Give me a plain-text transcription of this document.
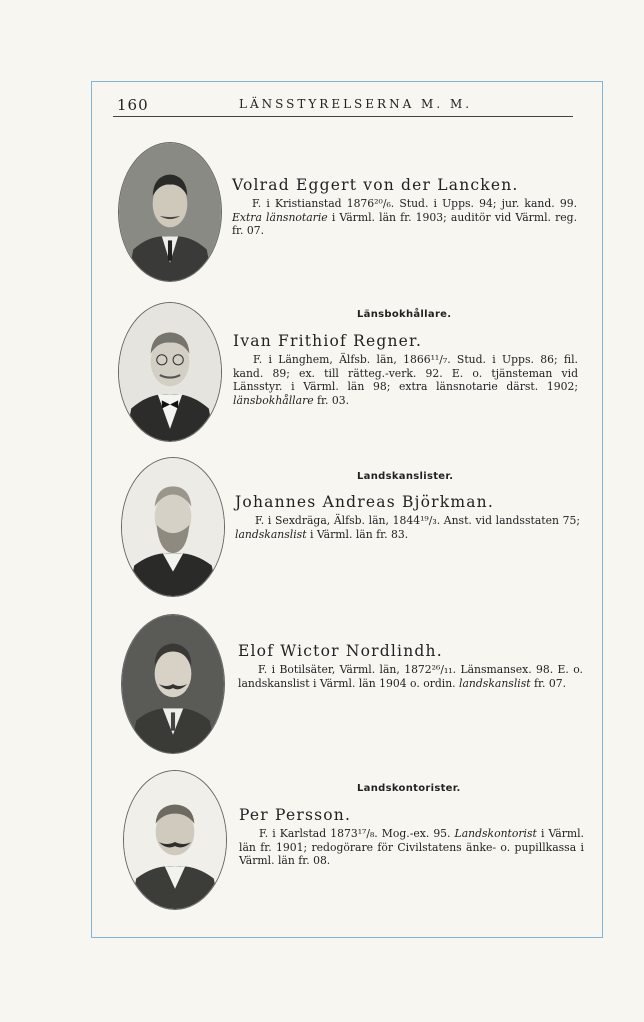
160	LÄNSSTYRELSERNA M. M.
Volrad Eggert von der Lancken.
F. i Kristianstad 1876²⁰/₆. Stud. i Upps. 94; jur. kand. 99. Extra länsnotarie i Värml. län fr. 1903; auditör vid Värml. reg. fr. 07.
Länsbokhållare.
Ivan Frithiof Regner.
F. i Länghem, Älfsb. län, 1866¹¹/₇. Stud. i Upps. 86; fil. kand. 89; ex. till rätteg.-verk. 92. E. o. tjänsteman vid Länsstyr. i Värml. län 98; extra länsnotarie därst. 1902; länsbokhållare fr. 03.
Landskanslister.
Johannes Andreas Björkman.
F. i Sexdräga, Älfsb. län, 1844¹⁹/₃. Anst. vid landsstaten 75; landskanslist i Värml. län fr. 83.
Elof Wictor Nordlindh.
F. i Botilsäter, Värml. län, 1872²⁶/₁₁. Länsmansex. 98. E. o. landskanslist i Värml. län 1904 o. ordin. landskanslist fr. 07.
Landskontorister.
Per Persson.
F. i Karlstad 1873¹⁷/₈. Mog.-ex. 95. Landskontorist i Värml. län fr. 1901; redogörare för Civilstatens änke- o. pupillkassa i Värml. län fr. 08.
